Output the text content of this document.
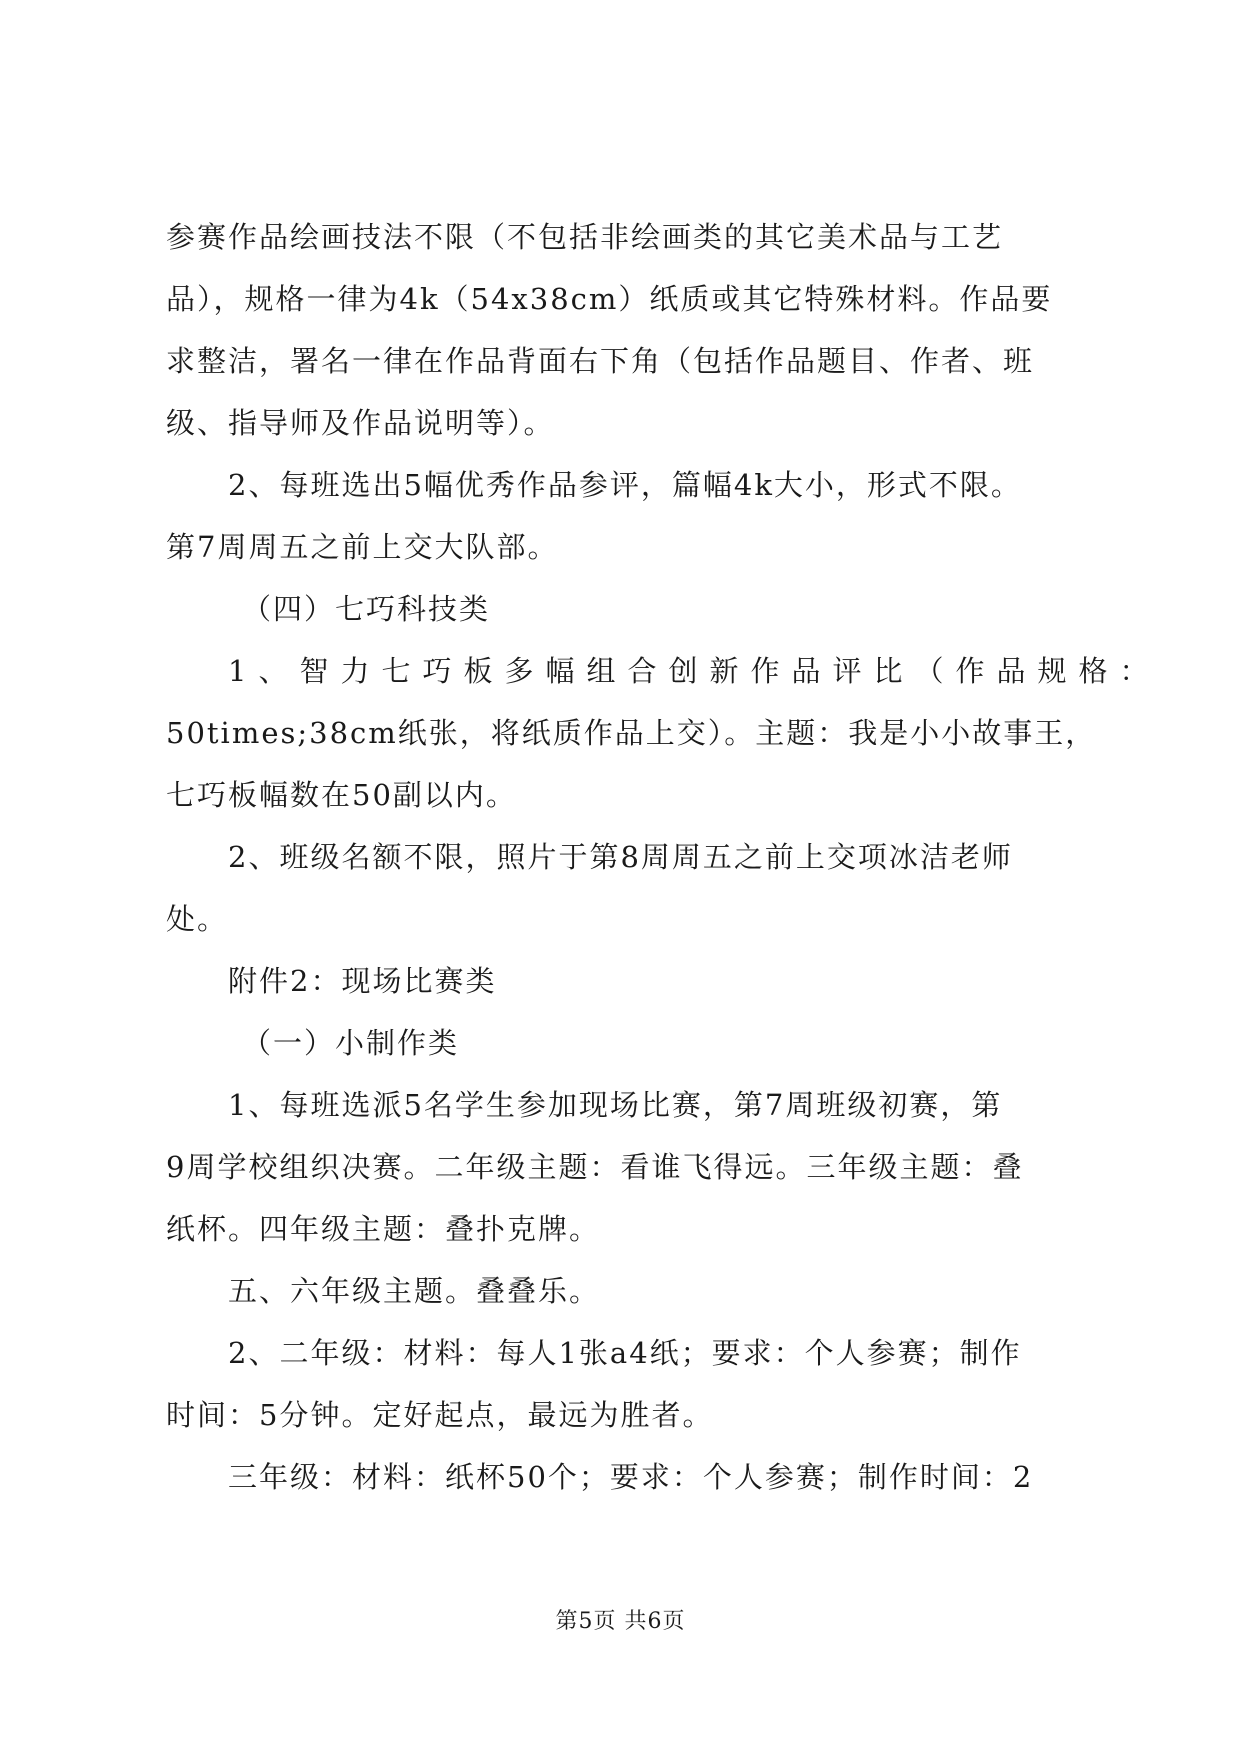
参赛作品绘画技法不限（不包括非绘画类的其它美术品与工艺
品），规格一律为4k（54x38cm）纸质或其它特殊材料。作品要
求整洁，署名一律在作品背面右下角（包括作品题目、作者、班
级、指导师及作品说明等）。
2、每班选出5幅优秀作品参评，篇幅4k大小，形式不限。
第7周周五之前上交大队部。
（四）七巧科技类
1、智力七巧板多幅组合创新作品评比（作品规格：
50times;38cm纸张，将纸质作品上交）。主题：我是小小故事王，
七巧板幅数在50副以内。
2、班级名额不限，照片于第8周周五之前上交项冰洁老师
处。
附件2：现场比赛类
（一）小制作类
1、每班选派5名学生参加现场比赛，第7周班级初赛，第
9周学校组织决赛。二年级主题：看谁飞得远。三年级主题：叠
纸杯。四年级主题：叠扑克牌。
五、六年级主题。叠叠乐。
2、二年级：材料：每人1张a4纸；要求：个人参赛；制作
时间：5分钟。定好起点，最远为胜者。
三年级：材料：纸杯50个；要求：个人参赛；制作时间：2
第5页 共6页
